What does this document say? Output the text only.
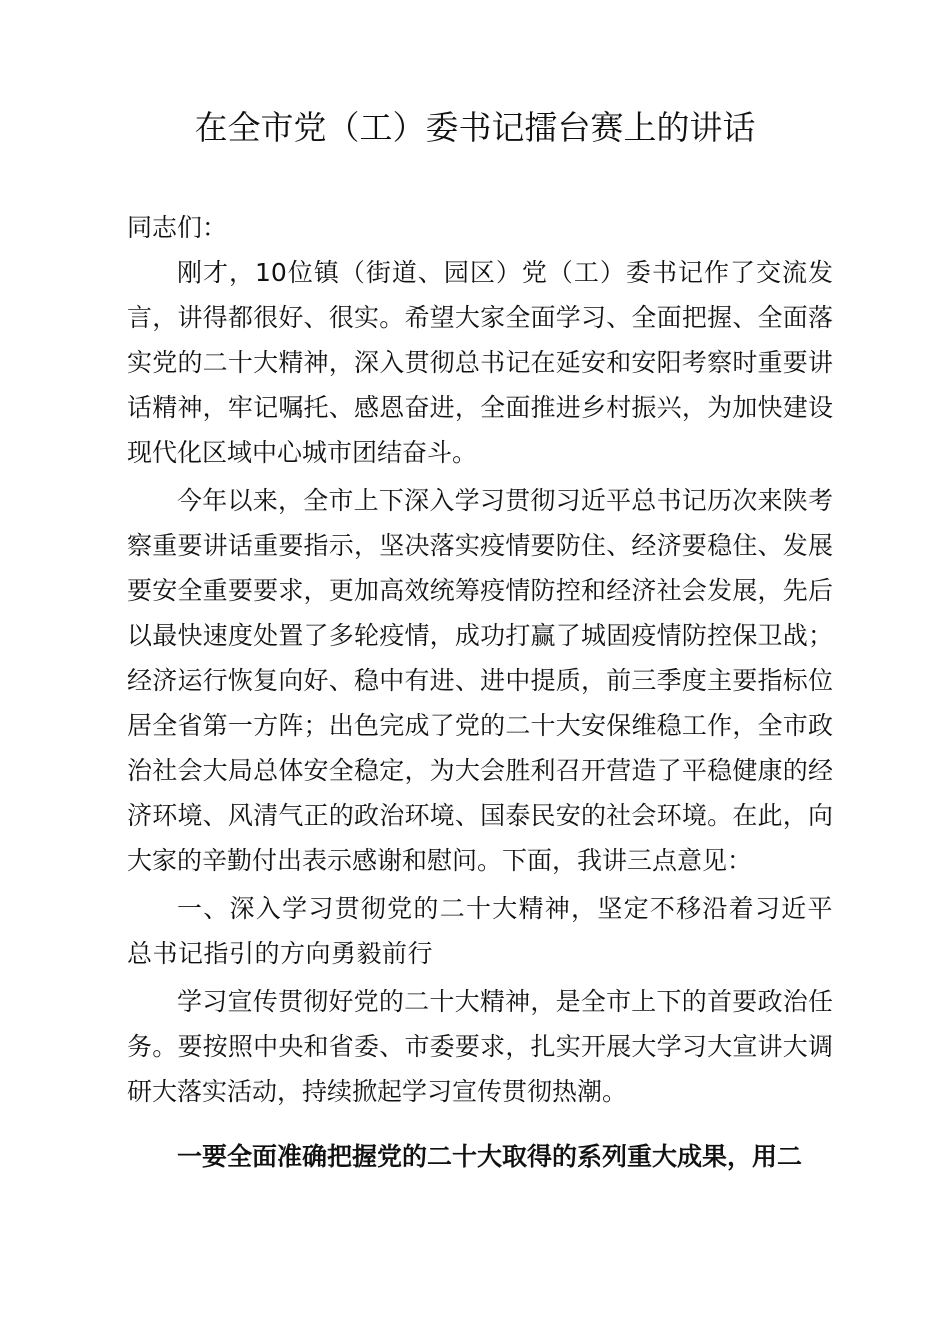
在全市党（工）委书记擂台赛上的讲话

同志们：

刚才，10位镇（街道、园区）党（工）委书记作了交流发言，讲得都很好、很实。希望大家全面学习、全面把握、全面落实党的二十大精神，深入贯彻总书记在延安和安阳考察时重要讲话精神，牢记嘱托、感恩奋进，全面推进乡村振兴，为加快建设现代化区域中心城市团结奋斗。

今年以来，全市上下深入学习贯彻习近平总书记历次来陕考察重要讲话重要指示，坚决落实疫情要防住、经济要稳住、发展要安全重要要求，更加高效统筹疫情防控和经济社会发展，先后以最快速度处置了多轮疫情，成功打赢了城固疫情防控保卫战；经济运行恢复向好、稳中有进、进中提质，前三季度主要指标位居全省第一方阵；出色完成了党的二十大安保维稳工作，全市政治社会大局总体安全稳定，为大会胜利召开营造了平稳健康的经济环境、风清气正的政治环境、国泰民安的社会环境。在此，向大家的辛勤付出表示感谢和慰问。下面，我讲三点意见：

一、深入学习贯彻党的二十大精神，坚定不移沿着习近平总书记指引的方向勇毅前行

学习宣传贯彻好党的二十大精神，是全市上下的首要政治任务。要按照中央和省委、市委要求，扎实开展大学习大宣讲大调研大落实活动，持续掀起学习宣传贯彻热潮。

一要全面准确把握党的二十大取得的系列重大成果，用二
